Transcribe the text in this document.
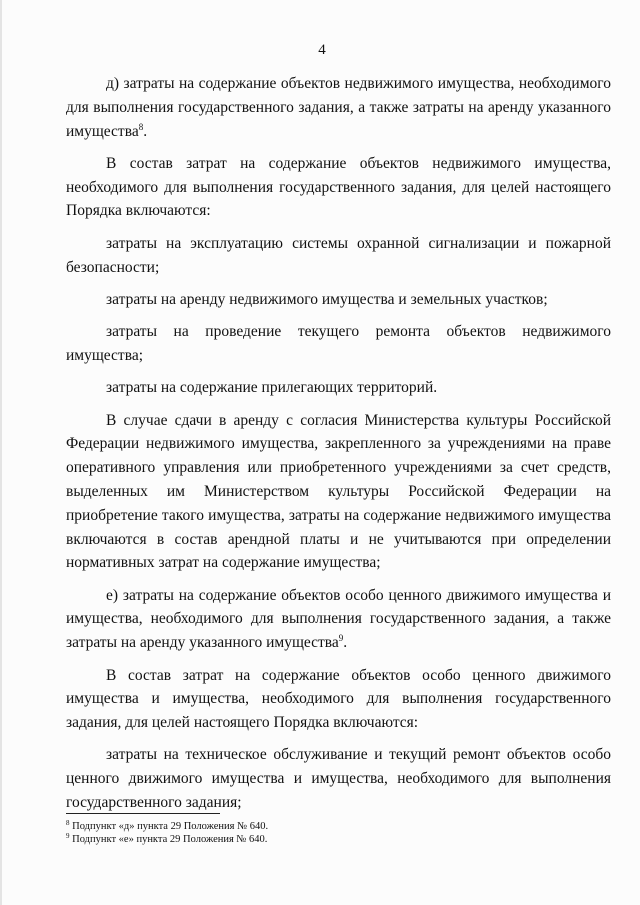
4

д) затраты на содержание объектов недвижимого имущества, необходимого для выполнения государственного задания, а также затраты на аренду указанного имущества$^8$.

В состав затрат на содержание объектов недвижимого имущества, необходимого для выполнения государственного задания, для целей настоящего Порядка включаются:

затраты на эксплуатацию системы охранной сигнализации и пожарной безопасности;

затраты на аренду недвижимого имущества и земельных участков;

затраты на проведение текущего ремонта объектов недвижимого имущества;

затраты на содержание прилегающих территорий.

В случае сдачи в аренду с согласия Министерства культуры Российской Федерации недвижимого имущества, закрепленного за учреждениями на праве оперативного управления или приобретенного учреждениями за счет средств, выделенных им Министерством культуры Российской Федерации на приобретение такого имущества, затраты на содержание недвижимого имущества включаются в состав арендной платы и не учитываются при определении нормативных затрат на содержание имущества;

е) затраты на содержание объектов особо ценного движимого имущества и имущества, необходимого для выполнения государственного задания, а также затраты на аренду указанного имущества$^9$.

В состав затрат на содержание объектов особо ценного движимого имущества и имущества, необходимого для выполнения государственного задания, для целей настоящего Порядка включаются:

затраты на техническое обслуживание и текущий ремонт объектов особо ценного движимого имущества и имущества, необходимого для выполнения государственного задания;

$^8$ Подпункт «д» пункта 29 Положения № 640.

$^9$ Подпункт «е» пункта 29 Положения № 640.
